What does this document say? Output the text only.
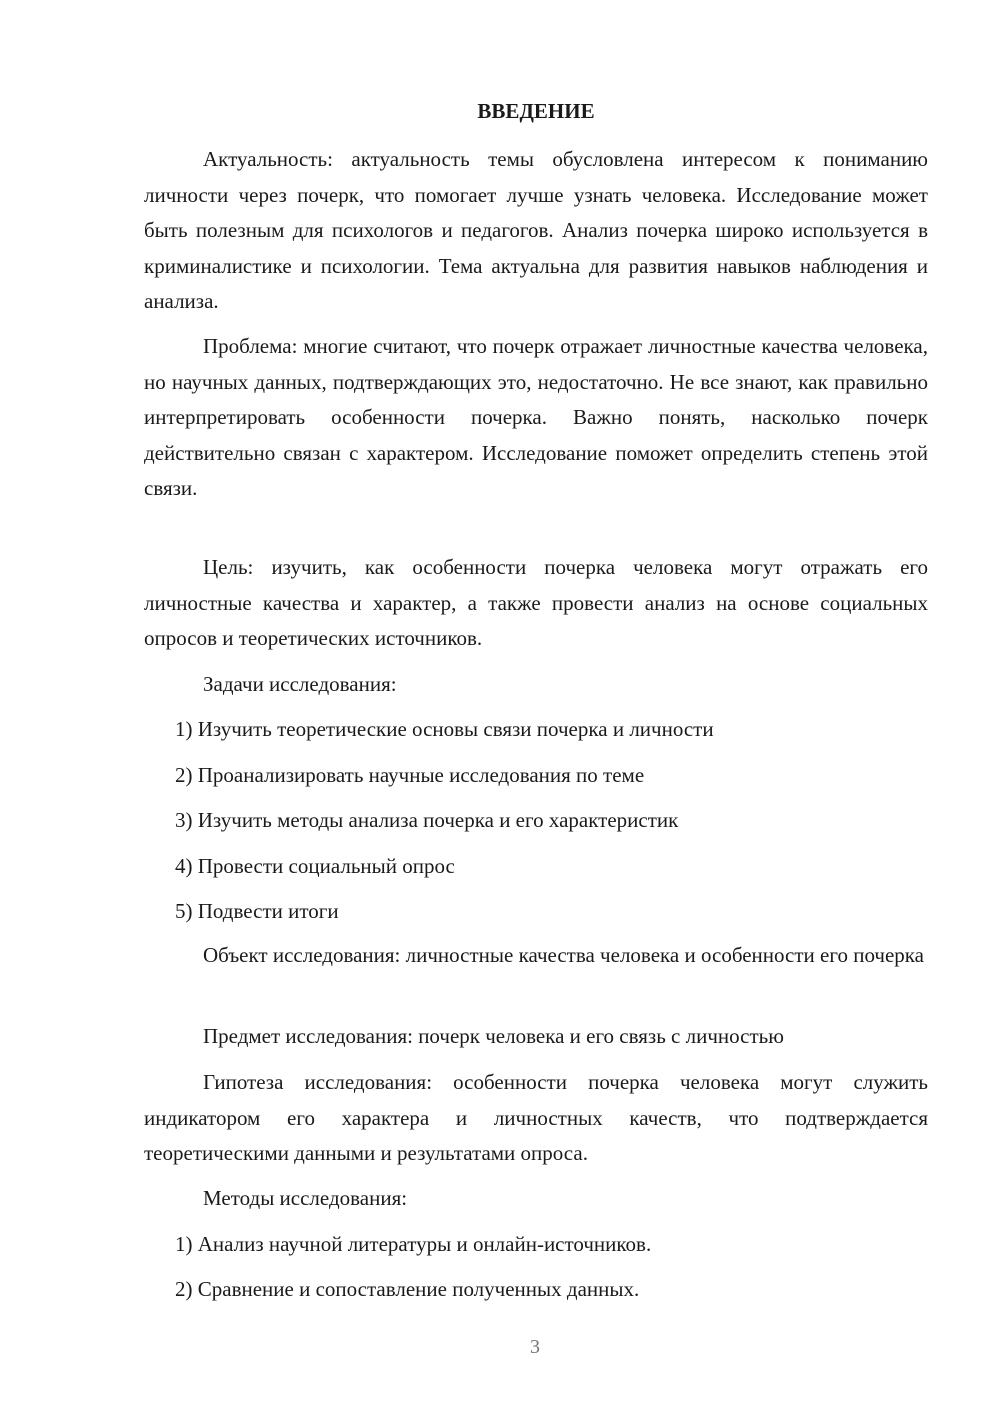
ВВЕДЕНИЕ

Актуальность: актуальность темы обусловлена интересом к пониманию личности через почерк, что помогает лучше узнать человека. Исследование может быть полезным для психологов и педагогов. Анализ почерка широко используется в криминалистике и психологии. Тема актуальна для развития навыков наблюдения и анализа.

Проблема: многие считают, что почерк отражает личностные качества человека, но научных данных, подтверждающих это, недостаточно. Не все знают, как правильно интерпретировать особенности почерка. Важно понять, насколько почерк действительно связан с характером. Исследование поможет определить степень этой связи.

Цель: изучить, как особенности почерка человека могут отражать его личностные качества и характер, а также провести анализ на основе социальных опросов и теоретических источников.

Задачи исследования:
1) Изучить теоретические основы связи почерка и личности
2) Проанализировать научные исследования по теме
3) Изучить методы анализа почерка и его характеристик
4) Провести социальный опрос
5) Подвести итоги

Объект исследования: личностные качества человека и особенности его почерка

Предмет исследования: почерк человека и его связь с личностью

Гипотеза исследования: особенности почерка человека могут служить индикатором его характера и личностных качеств, что подтверждается теоретическими данными и результатами опроса.

Методы исследования:
1) Анализ научной литературы и онлайн-источников.
2) Сравнение и сопоставление полученных данных.
3
